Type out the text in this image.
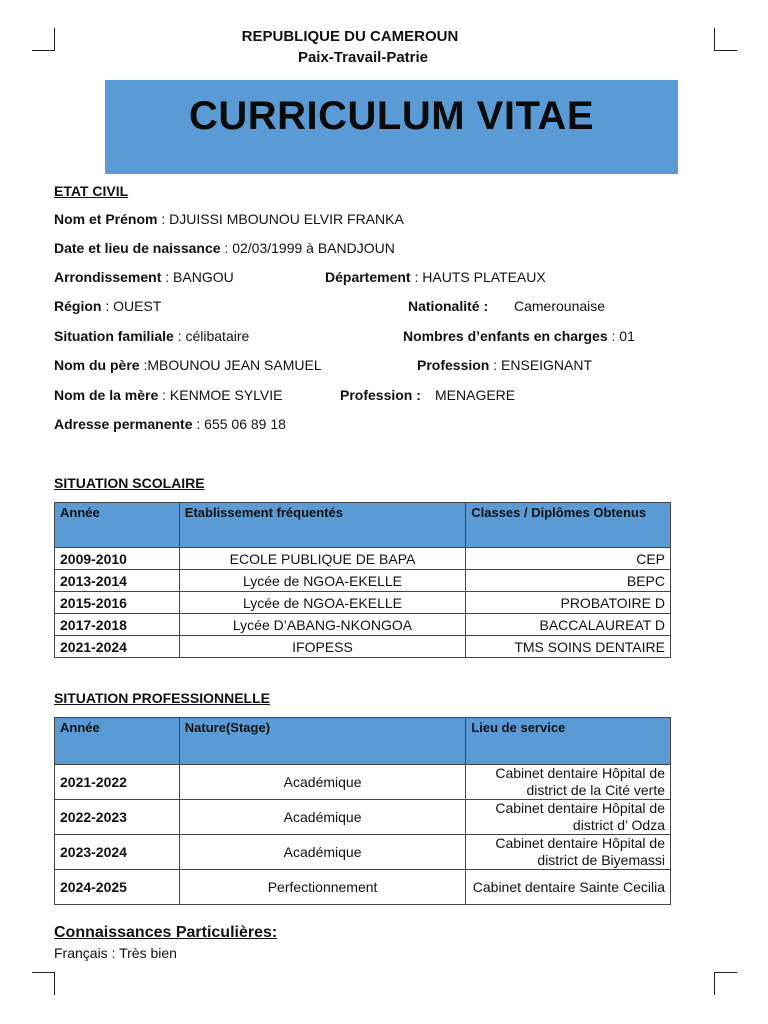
REPUBLIQUE DU CAMEROUN
Paix-Travail-Patrie
CURRICULUM VITAE
ETAT CIVIL
Nom et Prénom : DJUISSI MBOUNOU ELVIR FRANKA
Date et lieu de naissance : 02/03/1999 à BANDJOUN
Arrondissement : BANGOU	Département : HAUTS PLATEAUX
Région : OUEST	Nationalité : Camerounaise
Situation familiale : célibataire	Nombres d’enfants en charges : 01
Nom du père :MBOUNOU JEAN SAMUEL	Profession : ENSEIGNANT
Nom de la mère : KENMOE SYLVIE	Profession : MENAGERE
Adresse permanente : 655 06 89 18
SITUATION SCOLAIRE
Année	Etablissement fréquentés	Classes / Diplômes Obtenus
2009-2010	ECOLE PUBLIQUE DE BAPA	CEP
2013-2014	Lycée de NGOA-EKELLE	BEPC
2015-2016	Lycée de NGOA-EKELLE	PROBATOIRE D
2017-2018	Lycée D’ABANG-NKONGOA	BACCALAUREAT D
2021-2024	IFOPESS	TMS SOINS DENTAIRE
SITUATION PROFESSIONNELLE
Année	Nature(Stage)	Lieu de service
2021-2022	Académique	Cabinet dentaire Hôpital de district de la Cité verte
2022-2023	Académique	Cabinet dentaire Hôpital de district d’ Odza
2023-2024	Académique	Cabinet dentaire Hôpital de district de Biyemassi
2024-2025	Perfectionnement	Cabinet dentaire Sainte Cecilia
Connaissances Particulières:
Français : Très bien
